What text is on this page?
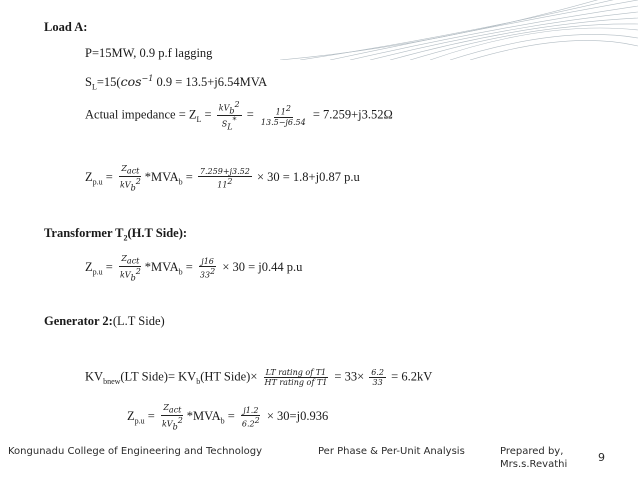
Load A:
P=15MW, 0.9 p.f lagging
$S_L=15(\cos^{-1}$ 0.9 = 13.5+j6.54MVA
Actual impedance = $Z_L = \frac{kV_b^2}{S_L^*} = \frac{11^2}{13.5-j6.54} = 7.259+j3.52\Omega$
$Z_{p.u} = \frac{Z_{act}}{kV_b^2} *MVA_b = \frac{7.259+j3.52}{11^2} \times 30 = 1.8+j0.87$ p.u
Transformer $T_2(H.T$ Side):
$Z_{p.u} = \frac{Z_{act}}{kV_b^2} *MVA_b = \frac{j16}{33^2} \times 30 = j0.44$ p.u
Generator 2:(L.T Side)
$KV_{bnew}(LT$ Side)= $KV_b(HT$ Side)× $\frac{\text{LT rating of T1}}{\text{HT rating of T1}} = 33\times \frac{6.2}{33} = 6.2kV$
$Z_{p.u} = \frac{Z_{act}}{kV_b^2} *MVA_b = \frac{j1.2}{6.2^2} \times 30=j0.936$
Kongunadu College of Engineering and Technology	Per Phase & Per-Unit Analysis	Prepared by,
Mrs.s.Revathi
9
